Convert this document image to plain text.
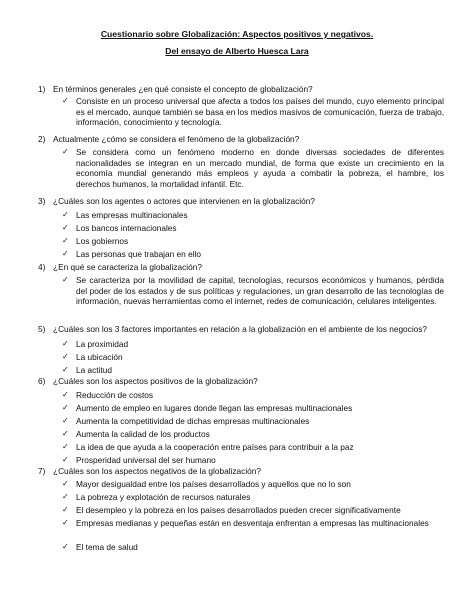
Cuestionario sobre Globalización: Aspectos positivos y negativos.
Del ensayo de Alberto Huesca Lara
1) En términos generales ¿en qué consiste el concepto de globalización?
✓ Consiste en un proceso universal que afecta a todos los países del mundo, cuyo elemento principal es el mercado, aunque también se basa en los medios masivos de comunicación, fuerza de trabajo, información, conocimiento y tecnología.
2) Actualmente ¿cómo se considera el fenómeno de la globalización?
✓ Se considera como un fenómeno moderno en donde diversas sociedades de diferentes nacionalidades se integran en un mercado mundial, de forma que existe un crecimiento en la economía mundial generando más empleos y ayuda a combatir la pobreza, el hambre, los derechos humanos, la mortalidad infantil. Etc.
3) ¿Cuáles son los agentes o actores que intervienen en la globalización?
✓ Las empresas multinacionales
✓ Los bancos internacionales
✓ Los gobiernos
✓ Las personas que trabajan en ello
4) ¿En qué se caracteriza la globalización?
✓ Se caracteriza por la movilidad de capital, tecnologías, recursos económicos y humanos, pérdida del poder de los estados y de sus políticas y regulaciones, un gran desarrollo de las tecnologías de información, nuevas herramientas como el internet, redes de comunicación, celulares inteligentes.
5) ¿Cuáles son los 3 factores importantes en relación a la globalización en el ambiente de los negocios?
✓ La proximidad
✓ La ubicación
✓ La actitud
6) ¿Cuáles son los aspectos positivos de la globalización?
✓ Reducción de costos
✓ Aumento de empleo en lugares donde llegan las empresas multinacionales
✓ Aumenta la competitividad de dichas empresas multinacionales
✓ Aumenta la calidad de los productos
✓ La idea de que ayuda a la cooperación entre países para contribuir a la paz
✓ Prosperidad universal del ser humano
7) ¿Cuáles son los aspectos negativos de la globalización?
✓ Mayor desigualdad entre los países desarrollados y aquellos que no lo son
✓ La pobreza y explotación de recursos naturales
✓ El desempleo y la pobreza en los países desarrollados pueden crecer significativamente
✓ Empresas medianas y pequeñas están en desventaja enfrentan a empresas las multinacionales
✓ El tema de salud
